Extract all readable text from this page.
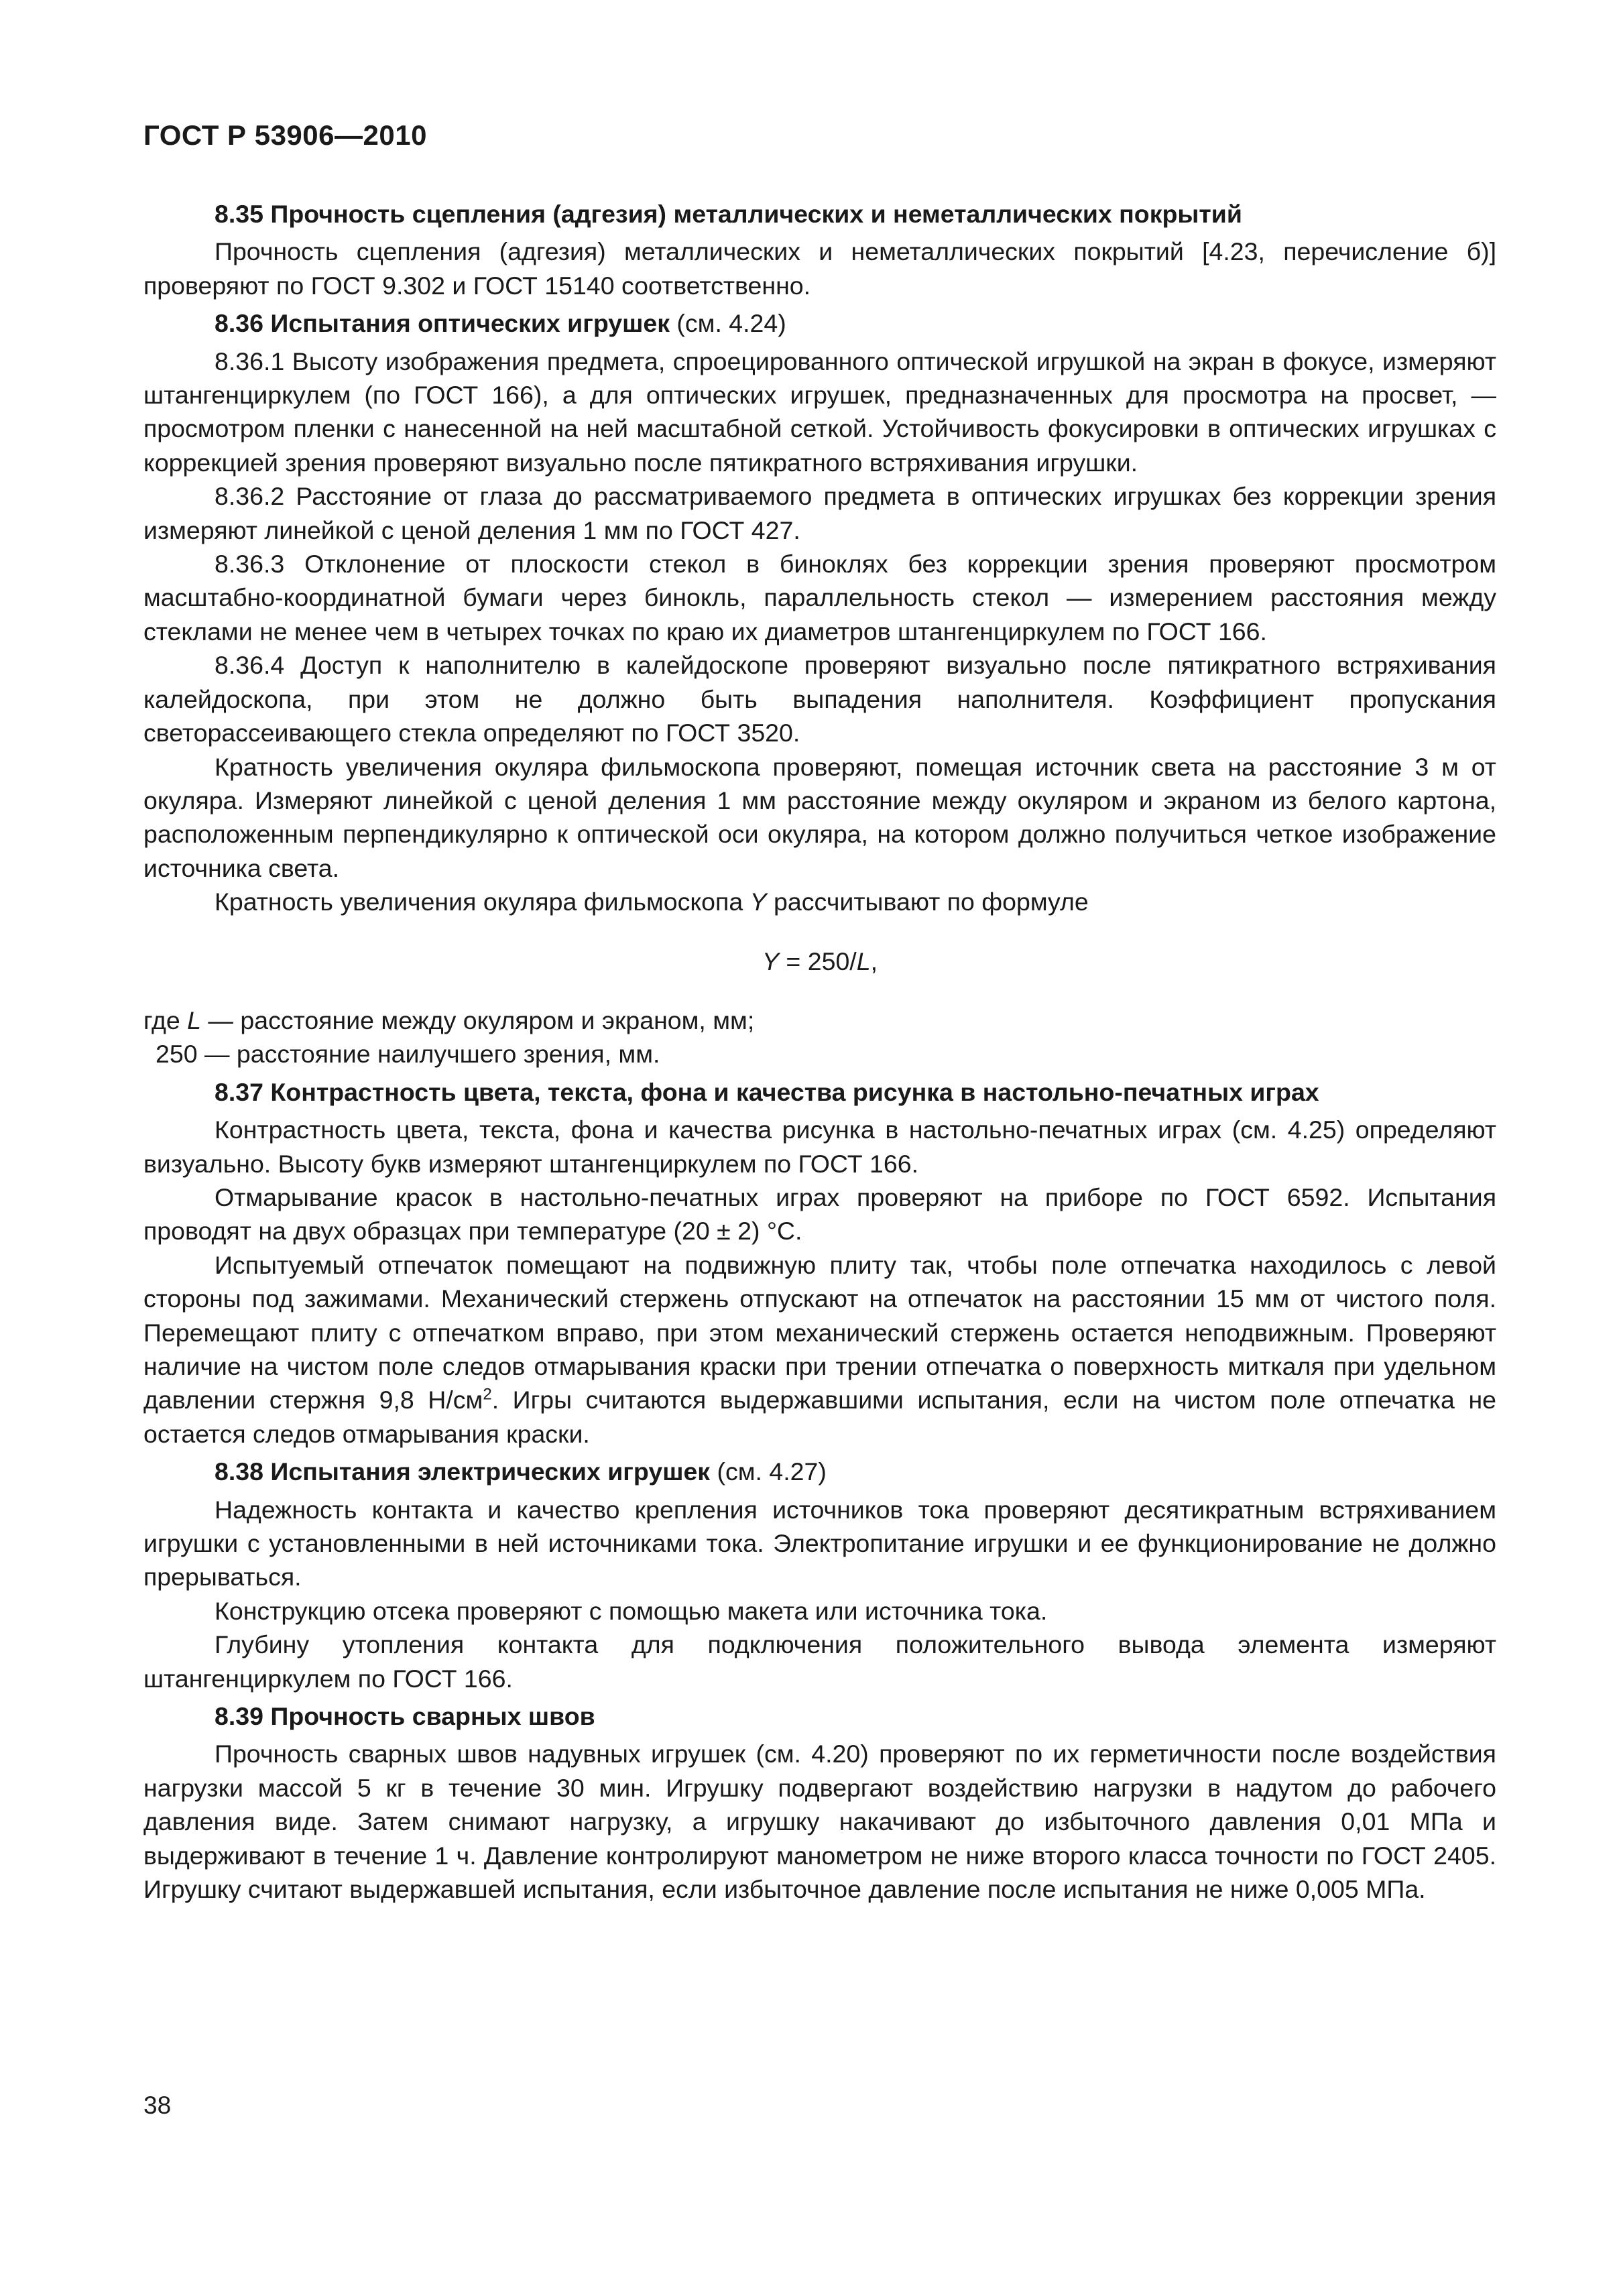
ГОСТ Р 53906—2010

8.35 Прочность сцепления (адгезия) металлических и неметаллических покрытий

Прочность сцепления (адгезия) металлических и неметаллических покрытий [4.23, перечисление б)] проверяют по ГОСТ 9.302 и ГОСТ 15140 соответственно.

8.36 Испытания оптических игрушек (см. 4.24)

8.36.1 Высоту изображения предмета, спроецированного оптической игрушкой на экран в фокусе, измеряют штангенциркулем (по ГОСТ 166), а для оптических игрушек, предназначенных для просмотра на просвет, — просмотром пленки с нанесенной на ней масштабной сеткой. Устойчивость фокусировки в оптических игрушках с коррекцией зрения проверяют визуально после пятикратного встряхивания игрушки.

8.36.2 Расстояние от глаза до рассматриваемого предмета в оптических игрушках без коррекции зрения измеряют линейкой с ценой деления 1 мм по ГОСТ 427.

8.36.3 Отклонение от плоскости стекол в биноклях без коррекции зрения проверяют просмотром масштабно-координатной бумаги через бинокль, параллельность стекол — измерением расстояния между стеклами не менее чем в четырех точках по краю их диаметров штангенциркулем по ГОСТ 166.

8.36.4 Доступ к наполнителю в калейдоскопе проверяют визуально после пятикратного встряхивания калейдоскопа, при этом не должно быть выпадения наполнителя. Коэффициент пропускания светорассеивающего стекла определяют по ГОСТ 3520.

Кратность увеличения окуляра фильмоскопа проверяют, помещая источник света на расстояние 3 м от окуляра. Измеряют линейкой с ценой деления 1 мм расстояние между окуляром и экраном из белого картона, расположенным перпендикулярно к оптической оси окуляра, на котором должно получиться четкое изображение источника света.

Кратность увеличения окуляра фильмоскопа Y рассчитывают по формуле

Y = 250/L,

где L — расстояние между окуляром и экраном, мм;

250 — расстояние наилучшего зрения, мм.

8.37 Контрастность цвета, текста, фона и качества рисунка в настольно-печатных играх

Контрастность цвета, текста, фона и качества рисунка в настольно-печатных играх (см. 4.25) определяют визуально. Высоту букв измеряют штангенциркулем по ГОСТ 166.

Отмарывание красок в настольно-печатных играх проверяют на приборе по ГОСТ 6592. Испытания проводят на двух образцах при температуре (20 ± 2) °С.

Испытуемый отпечаток помещают на подвижную плиту так, чтобы поле отпечатка находилось с левой стороны под зажимами. Механический стержень отпускают на отпечаток на расстоянии 15 мм от чистого поля. Перемещают плиту с отпечатком вправо, при этом механический стержень остается неподвижным. Проверяют наличие на чистом поле следов отмарывания краски при трении отпечатка о поверхность миткаля при удельном давлении стержня 9,8 $Н/см^2$. Игры считаются выдержавшими испытания, если на чистом поле отпечатка не остается следов отмарывания краски.

8.38 Испытания электрических игрушек (см. 4.27)

Надежность контакта и качество крепления источников тока проверяют десятикратным встряхиванием игрушки с установленными в ней источниками тока. Электропитание игрушки и ее функционирование не должно прерываться.

Конструкцию отсека проверяют с помощью макета или источника тока.

Глубину утопления контакта для подключения положительного вывода элемента измеряют штангенциркулем по ГОСТ 166.

8.39 Прочность сварных швов

Прочность сварных швов надувных игрушек (см. 4.20) проверяют по их герметичности после воздействия нагрузки массой 5 кг в течение 30 мин. Игрушку подвергают воздействию нагрузки в надутом до рабочего давления виде. Затем снимают нагрузку, а игрушку накачивают до избыточного давления 0,01 МПа и выдерживают в течение 1 ч. Давление контролируют манометром не ниже второго класса точности по ГОСТ 2405. Игрушку считают выдержавшей испытания, если избыточное давление после испытания не ниже 0,005 МПа.

38
